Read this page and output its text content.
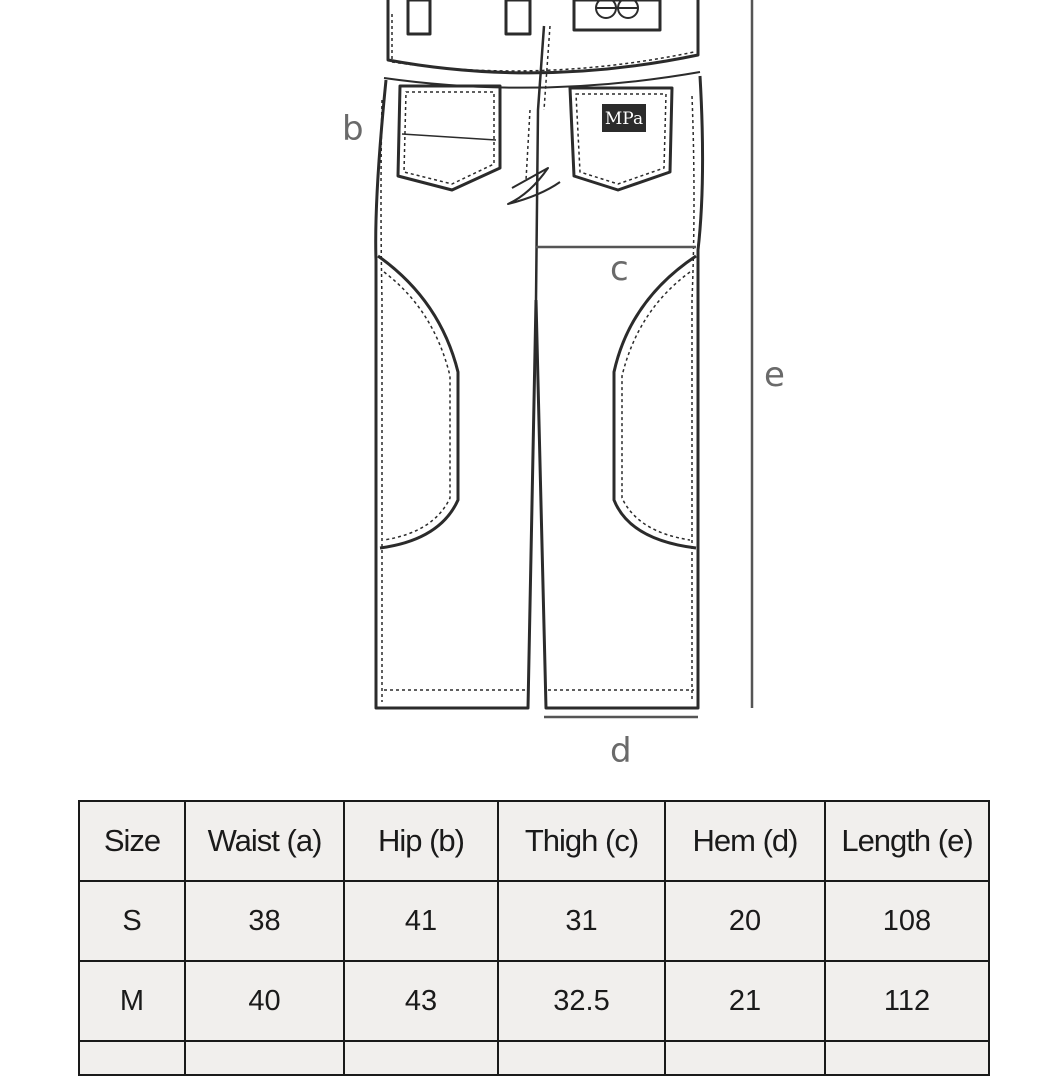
MPa
b
c
e
d
Size	Waist (a)	Hip (b)	Thigh (c)	Hem (d)	Length (e)
S	38	41	31	20	108
M	40	43	32.5	21	112
